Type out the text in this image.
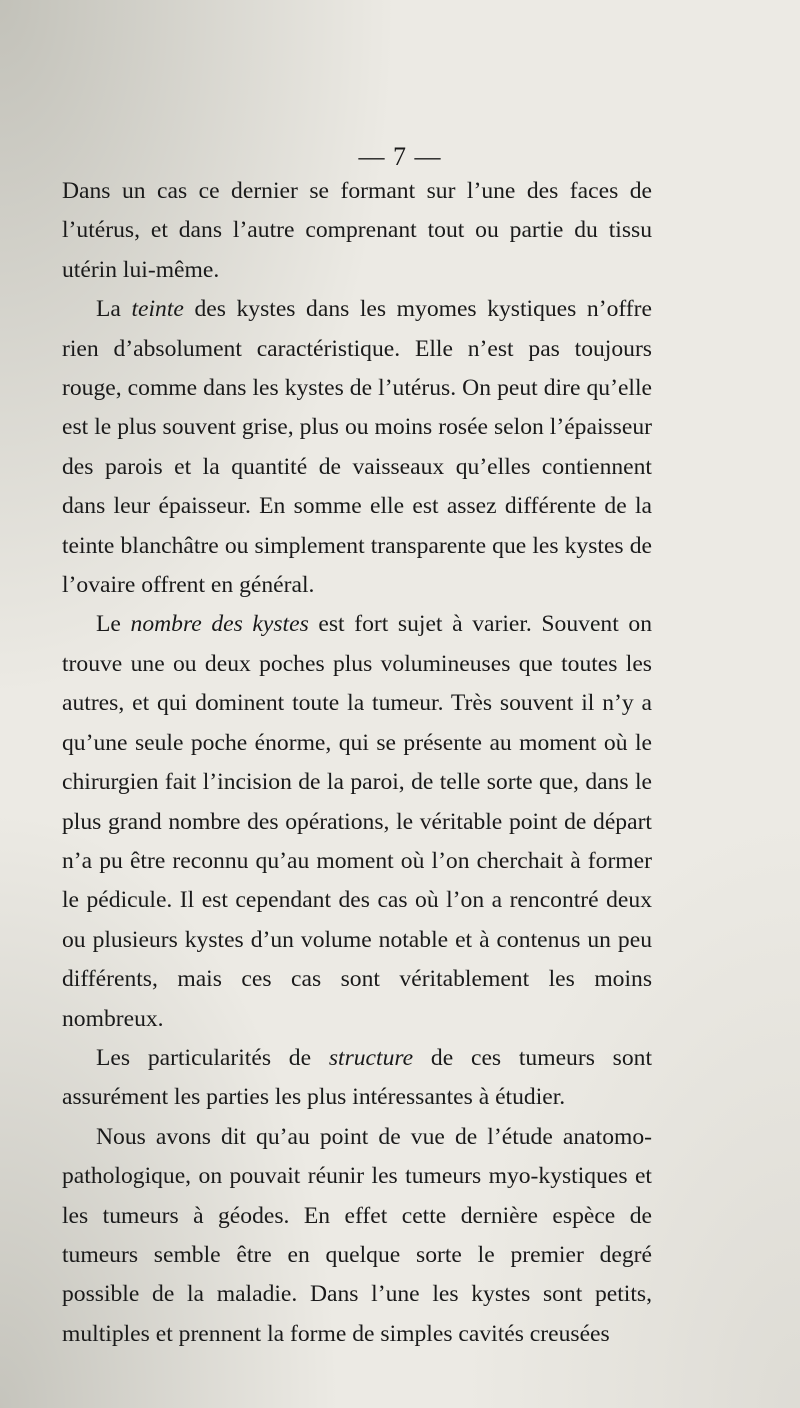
— 7 —

Dans un cas ce dernier se formant sur l’une des faces de l’utérus, et dans l’autre comprenant tout ou partie du tissu utérin lui-même.

La teinte des kystes dans les myomes kystiques n’offre rien d’absolument caractéristique. Elle n’est pas toujours rouge, comme dans les kystes de l’utérus. On peut dire qu’elle est le plus souvent grise, plus ou moins rosée selon l’épaisseur des parois et la quantité de vaisseaux qu’elles contiennent dans leur épaisseur. En somme elle est assez différente de la teinte blanchâtre ou simplement transparente que les kystes de l’ovaire offrent en général.

Le nombre des kystes est fort sujet à varier. Souvent on trouve une ou deux poches plus volumineuses que toutes les autres, et qui dominent toute la tumeur. Très souvent il n’y a qu’une seule poche énorme, qui se présente au moment où le chirurgien fait l’incision de la paroi, de telle sorte que, dans le plus grand nombre des opérations, le véritable point de départ n’a pu être reconnu qu’au moment où l’on cherchait à former le pédicule. Il est cependant des cas où l’on a rencontré deux ou plusieurs kystes d’un volume notable et à contenus un peu différents, mais ces cas sont véritablement les moins nombreux.

Les particularités de structure de ces tumeurs sont assurément les parties les plus intéressantes à étudier.

Nous avons dit qu’au point de vue de l’étude anatomo-pathologique, on pouvait réunir les tumeurs myo-kystiques et les tumeurs à géodes. En effet cette dernière espèce de tumeurs semble être en quelque sorte le premier degré possible de la maladie. Dans l’une les kystes sont petits, multiples et prennent la forme de simples cavités creusées
